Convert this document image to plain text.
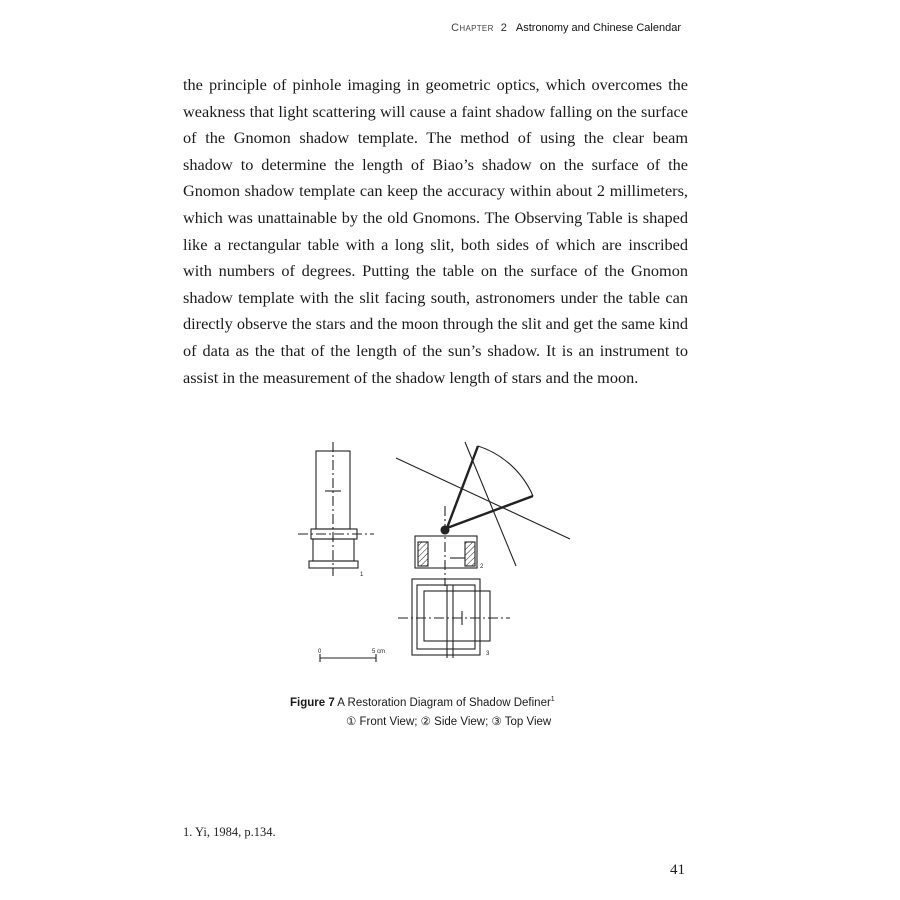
Chapter 2 Astronomy and Chinese Calendar

the principle of pinhole imaging in geometric optics, which overcomes the weakness that light scattering will cause a faint shadow falling on the surface of the Gnomon shadow template. The method of using the clear beam shadow to determine the length of Biao’s shadow on the surface of the Gnomon shadow template can keep the accuracy within about 2 millimeters, which was unattainable by the old Gnomons. The Observing Table is shaped like a rectangular table with a long slit, both sides of which are inscribed with numbers of degrees. Putting the table on the surface of the Gnomon shadow template with the slit facing south, astronomers under the table can directly observe the stars and the moon through the slit and get the same kind of data as the that of the length of the sun’s shadow. It is an instrument to assist in the measurement of the shadow length of stars and the moon.

1
2
3
0	5 cm
Figure 7 A Restoration Diagram of Shadow Definer$^1$
① Front View; ② Side View; ③ Top View
1. Yi, 1984, p.134.
41
